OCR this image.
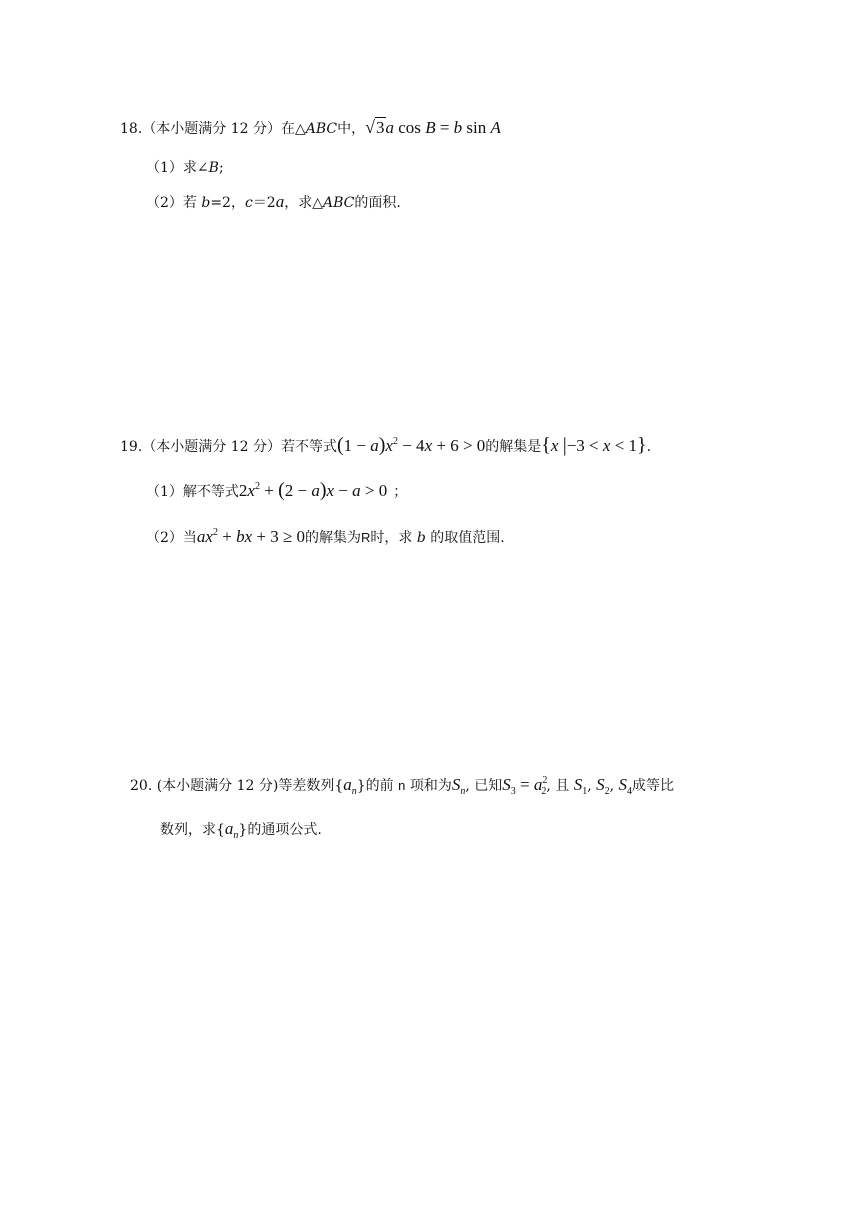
18.（本小题满分 12 分）在△ABC中，√3a cos B = b sin A
（1）求∠B;
（2）若 b=2，c＝2a，求△ABC的面积.
19.（本小题满分 12 分）若不等式$(1 - a)x^2 - 4x + 6 > 0$的解集是{x |−3 < x < 1}.
（1）解不等式$2x^2 + (2 - a)x - a > 0$ ；
（2）当$ax^2$ + bx + 3 ≥ 0的解集为R时，求 b 的取值范围.
20. (本小题满分 12 分)等差数列$\{a_n\}$的前 n 项和为$S_n$, 已知$S_3 = a^2_2$, 且 $S_1$, $S_2$, $S_4$成等比
数列，求$\{a_n\}$的通项公式.
